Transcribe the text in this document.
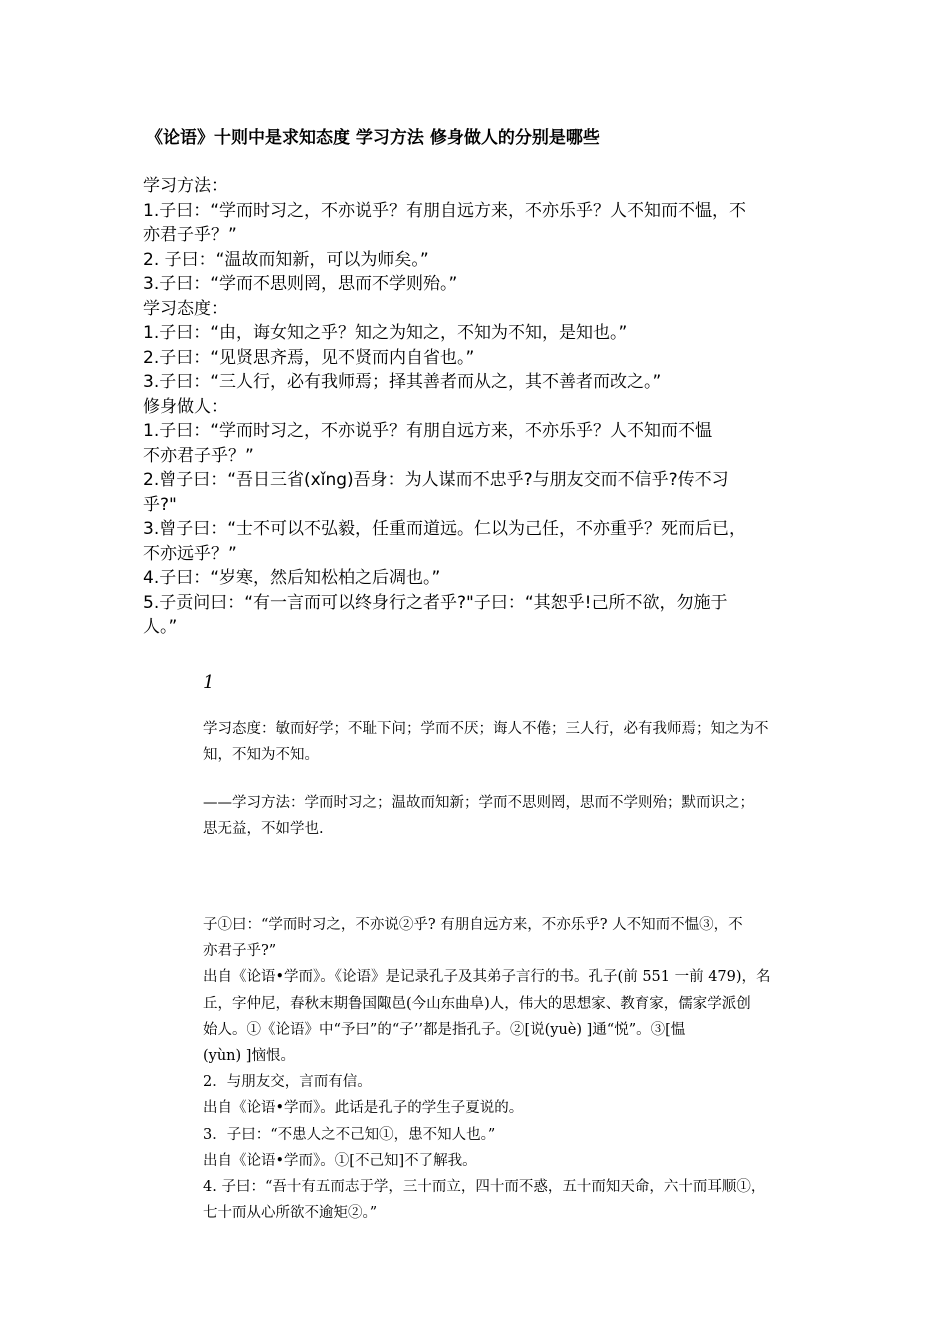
《论语》十则中是求知态度 学习方法 修身做人的分别是哪些
学习方法：
1.子曰：“学而时习之，不亦说乎？有朋自远方来，不亦乐乎？人不知而不愠，不
亦君子乎？”
2. 子曰：“温故而知新，可以为师矣。”
3.子曰：“学而不思则罔，思而不学则殆。”
学习态度：
1.子曰：“由，诲女知之乎？知之为知之，不知为不知，是知也。”
2.子曰：“见贤思齐焉，见不贤而内自省也。”
3.子曰：“三人行，必有我师焉；择其善者而从之，其不善者而改之。”
修身做人：
1.子曰：“学而时习之，不亦说乎？有朋自远方来，不亦乐乎？人不知而不愠
不亦君子乎？”
2.曾子曰：“吾日三省(xǐng)吾身：为人谋而不忠乎?与朋友交而不信乎?传不习
乎?"
3.曾子曰：“士不可以不弘毅，任重而道远。仁以为己任，不亦重乎？死而后已，
不亦远乎？”
4.子曰：“岁寒，然后知松柏之后凋也。”
5.子贡问曰：“有一言而可以终身行之者乎?"子曰：“其恕乎!己所不欲，勿施于
人。”
1
学习态度：敏而好学；不耻下问；学而不厌；诲人不倦；三人行，必有我师焉；知之为不
知，不知为不知。
——学习方法：学而时习之；温故而知新；学而不思则罔，思而不学则殆；默而识之；
思无益，不如学也.
子①曰：“学而时习之，不亦说②乎? 有朋自远方来，不亦乐乎? 人不知而不愠③，不
亦君子乎?”
出自《论语•学而》。《论语》是记录孔子及其弟子言行的书。孔子(前 551 一前 479)，名
丘，字仲尼，春秋末期鲁国陬邑(今山东曲阜)人，伟大的思想家、教育家，儒家学派创
始人。①《论语》中“予曰”的“子’’都是指孔子。②[说(yuè) ]通“悦”。③[愠
(yùn) ]恼恨。
2．与朋友交，言而有信。
出自《论语•学而》。此话是孔子的学生子夏说的。
3．子曰：“不患人之不己知①，患不知人也。”
出自《论语•学而》。①[不己知]不了解我。
4. 子曰：“吾十有五而志于学，三十而立，四十而不惑，五十而知天命，六十而耳顺①，
七十而从心所欲不逾矩②。”
